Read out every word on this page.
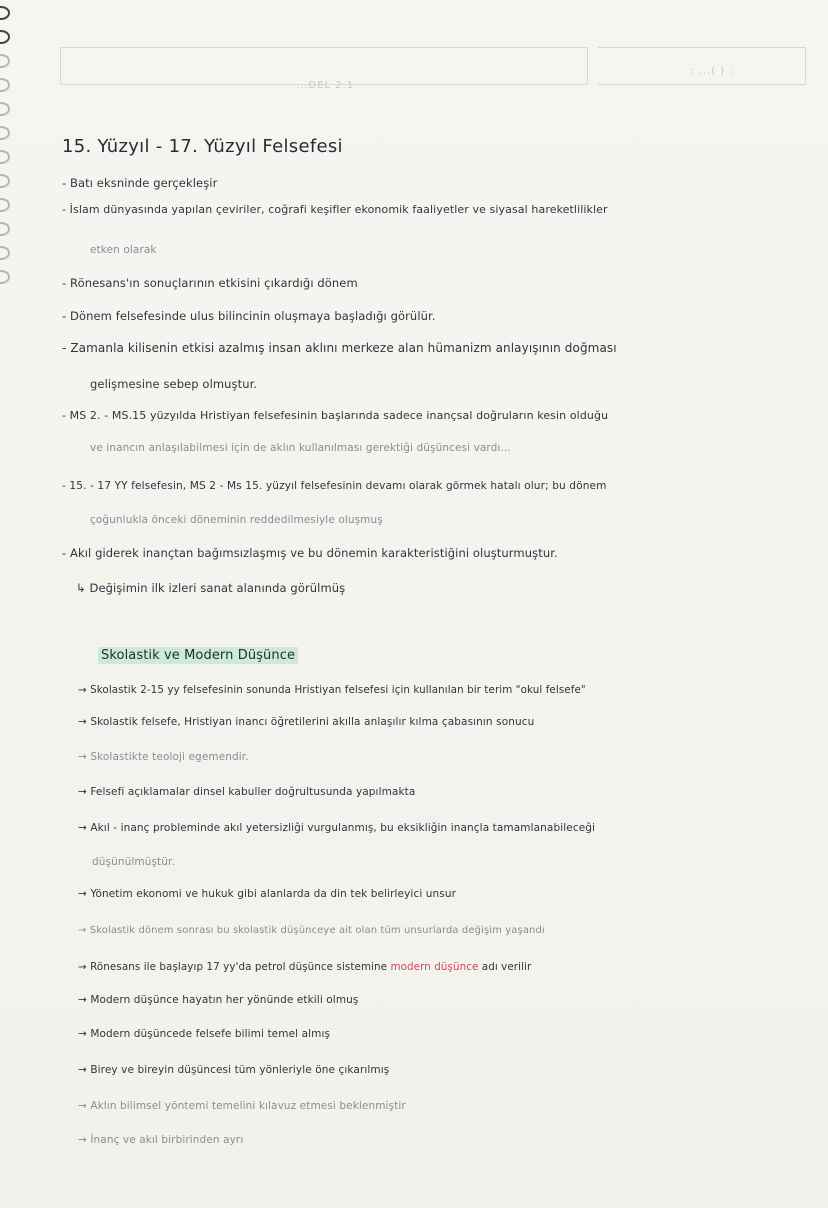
...DEL 2.1
: ...( ) :
15. Yüzyıl - 17. Yüzyıl Felsefesi
- Batı eksninde gerçekleşir
- İslam dünyasında yapılan çeviriler, coğrafi keşifler ekonomik faaliyetler ve siyasal hareketlilikler
etken olarak
- Rönesans'ın sonuçlarının etkisini çıkardığı dönem
- Dönem felsefesinde ulus bilincinin oluşmaya başladığı görülür.
- Zamanla kilisenin etkisi azalmış insan aklını merkeze alan hümanizm anlayışının doğması
gelişmesine sebep olmuştur.
- MS 2. - MS.15 yüzyılda Hristiyan felsefesinin başlarında sadece inançsal doğruların kesin olduğu
ve inancın anlaşılabilmesi için de aklın kullanılması gerektiği düşüncesi vardı...
- 15. - 17 YY felsefesin, MS 2 - Ms 15. yüzyıl felsefesinin devamı olarak görmek hatalı olur; bu dönem
çoğunlukla önceki döneminin reddedilmesiyle oluşmuş
- Akıl giderek inançtan bağımsızlaşmış ve bu dönemin karakteristiğini oluşturmuştur.
↳ Değişimin ilk izleri sanat alanında görülmüş
Skolastik ve Modern Düşünce
→ Skolastik 2-15 yy felsefesinin sonunda Hristiyan felsefesi için kullanılan bir terim "okul felsefe"
→ Skolastik felsefe, Hristiyan inancı öğretilerini akılla anlaşılır kılma çabasının sonucu
→ Skolastikte teoloji egemendir.
→ Felsefi açıklamalar dinsel kabuller doğrultusunda yapılmakta
→ Akıl - inanç probleminde akıl yetersizliği vurgulanmış, bu eksikliğin inançla tamamlanabileceği
düşünülmüştür.
→ Yönetim ekonomi ve hukuk gibi alanlarda da din tek belirleyici unsur
→ Skolastik dönem sonrası bu skolastik düşünceye ait olan tüm unsurlarda değişim yaşandı
→ Rönesans ile başlayıp 17 yy'da petrol düşünce sistemine modern düşünce adı verilir
→ Modern düşünce hayatın her yönünde etkili olmuş
→ Modern düşüncede felsefe bilimi temel almış
→ Birey ve bireyin düşüncesi tüm yönleriyle öne çıkarılmış
→ Aklın bilimsel yöntemi temelini kılavuz etmesi beklenmiştir
→ İnanç ve akıl birbirinden ayrı
